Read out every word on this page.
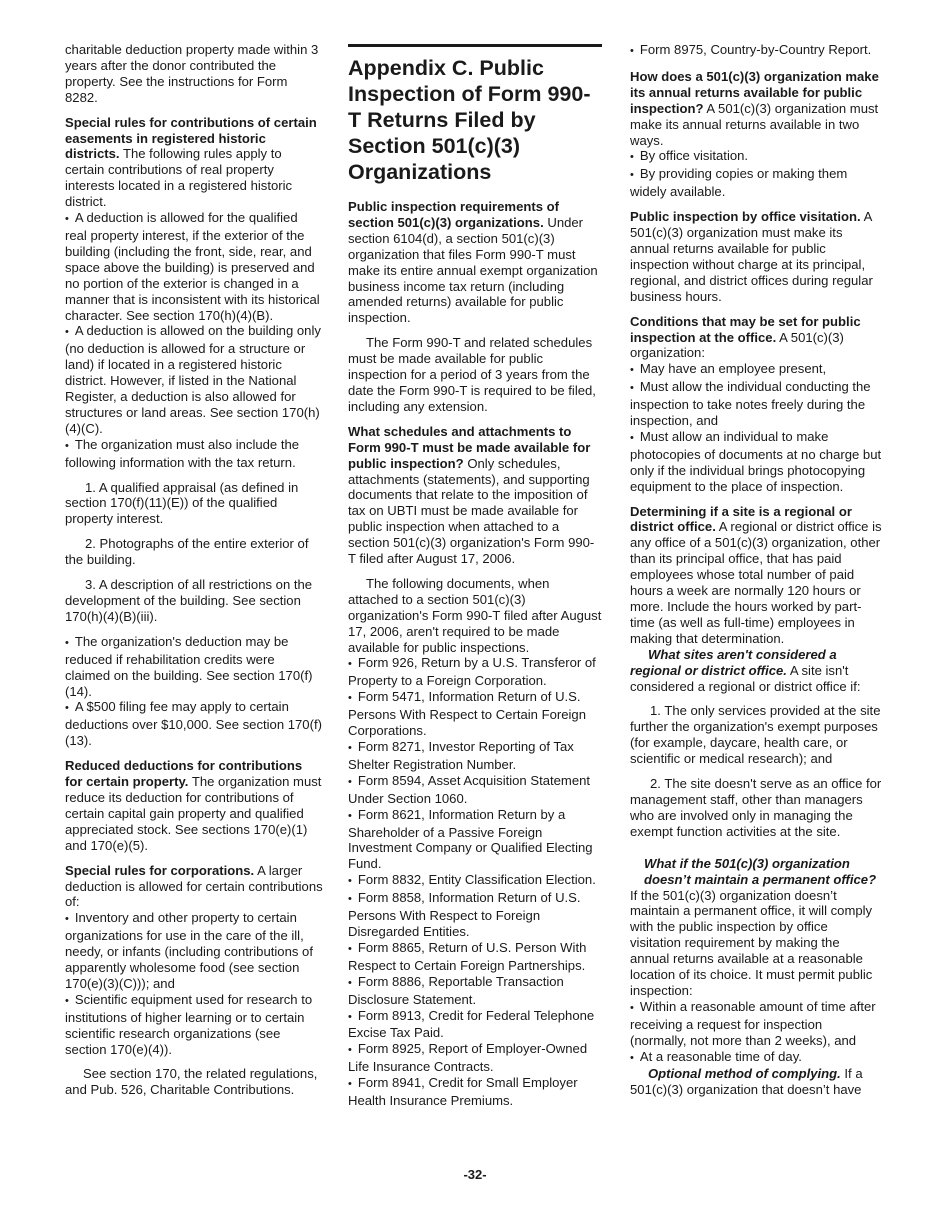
charitable deduction property made within 3 years after the donor contributed the property. See the instructions for Form 8282.

Special rules for contributions of certain easements in registered historic districts. The following rules apply to certain contributions of real property interests located in a registered historic district.

• A deduction is allowed for the qualified real property interest, if the exterior of the building (including the front, side, rear, and space above the building) is preserved and no portion of the exterior is changed in a manner that is inconsistent with its historical character. See section 170(h)(4)(B).
• A deduction is allowed on the building only (no deduction is allowed for a structure or land) if located in a registered historic district. However, if listed in the National Register, a deduction is also allowed for structures or land areas. See section 170(h)(4)(C).

• The organization must also include the following information with the tax return.

1. A qualified appraisal (as defined in section 170(f)(11)(E)) of the qualified property interest.

2. Photographs of the entire exterior of the building.

3. A description of all restrictions on the development of the building. See section 170(h)(4)(B)(iii).

• The organization's deduction may be reduced if rehabilitation credits were claimed on the building. See section 170(f)(14).

• A $500 filing fee may apply to certain deductions over $10,000. See section 170(f)(13).

Reduced deductions for contributions for certain property. The organization must reduce its deduction for contributions of certain capital gain property and qualified appreciated stock. See sections 170(e)(1) and 170(e)(5).

Special rules for corporations. A larger deduction is allowed for certain contributions of:

• Inventory and other property to certain organizations for use in the care of the ill, needy, or infants (including contributions of apparently wholesome food (see section 170(e)(3)(C))); and

• Scientific equipment used for research to institutions of higher learning or to certain scientific research organizations (see section 170(e)(4)).

See section 170, the related regulations, and Pub. 526, Charitable Contributions.

Appendix C. Public Inspection of Form 990-T Returns Filed by Section 501(c)(3) Organizations

Public inspection requirements of section 501(c)(3) organizations. Under section 6104(d), a section 501(c)(3) organization that files Form 990-T must make its entire annual exempt organization business income tax return (including amended returns) available for public inspection.

The Form 990-T and related schedules must be made available for public inspection for a period of 3 years from the date the Form 990-T is required to be filed, including any extension.

What schedules and attachments to Form 990-T must be made available for public inspection? Only schedules, attachments (statements), and supporting documents that relate to the imposition of tax on UBTI must be made available for public inspection when attached to a section 501(c)(3) organization's Form 990-T filed after August 17, 2006.

The following documents, when attached to a section 501(c)(3) organization's Form 990-T filed after August 17, 2006, aren't required to be made available for public inspections.

• Form 926, Return by a U.S. Transferor of Property to a Foreign Corporation.
• Form 5471, Information Return of U.S. Persons With Respect to Certain Foreign Corporations.
• Form 8271, Investor Reporting of Tax Shelter Registration Number.
• Form 8594, Asset Acquisition Statement Under Section 1060.
• Form 8621, Information Return by a Shareholder of a Passive Foreign Investment Company or Qualified Electing Fund.
• Form 8832, Entity Classification Election.
• Form 8858, Information Return of U.S. Persons With Respect to Foreign Disregarded Entities.
• Form 8865, Return of U.S. Person With Respect to Certain Foreign Partnerships.
• Form 8886, Reportable Transaction Disclosure Statement.
• Form 8913, Credit for Federal Telephone Excise Tax Paid.
• Form 8925, Report of Employer-Owned Life Insurance Contracts.
• Form 8941, Credit for Small Employer Health Insurance Premiums.

• Form 8975, Country-by-Country Report.

How does a 501(c)(3) organization make its annual returns available for public inspection? A 501(c)(3) organization must make its annual returns available in two ways.

• By office visitation.

• By providing copies or making them widely available.

Public inspection by office visitation. A 501(c)(3) organization must make its annual returns available for public inspection without charge at its principal, regional, and district offices during regular business hours.

Conditions that may be set for public inspection at the office. A 501(c)(3) organization:

• May have an employee present,
• Must allow the individual conducting the inspection to take notes freely during the inspection, and

• Must allow an individual to make photocopies of documents at no charge but only if the individual brings photocopying equipment to the place of inspection.

Determining if a site is a regional or district office. A regional or district office is any office of a 501(c)(3) organization, other than its principal office, that has paid employees whose total number of paid hours a week are normally 120 hours or more. Include the hours worked by part-time (as well as full-time) employees in making that determination.

What sites aren't considered a regional or district office. A site isn't considered a regional or district office if:

1. The only services provided at the site further the organization's exempt purposes (for example, daycare, health care, or scientific or medical research); and

2. The site doesn't serve as an office for management staff, other than managers who are involved only in managing the exempt function activities at the site.

What if the 501(c)(3) organization doesn’t maintain a permanent office?
If the 501(c)(3) organization doesn’t maintain a permanent office, it will comply with the public inspection by office visitation requirement by making the annual returns available at a reasonable location of its choice. It must permit public inspection:

• Within a reasonable amount of time after receiving a request for inspection (normally, not more than 2 weeks), and
• At a reasonable time of day.

Optional method of complying. If a 501(c)(3) organization that doesn’t have

-32-
